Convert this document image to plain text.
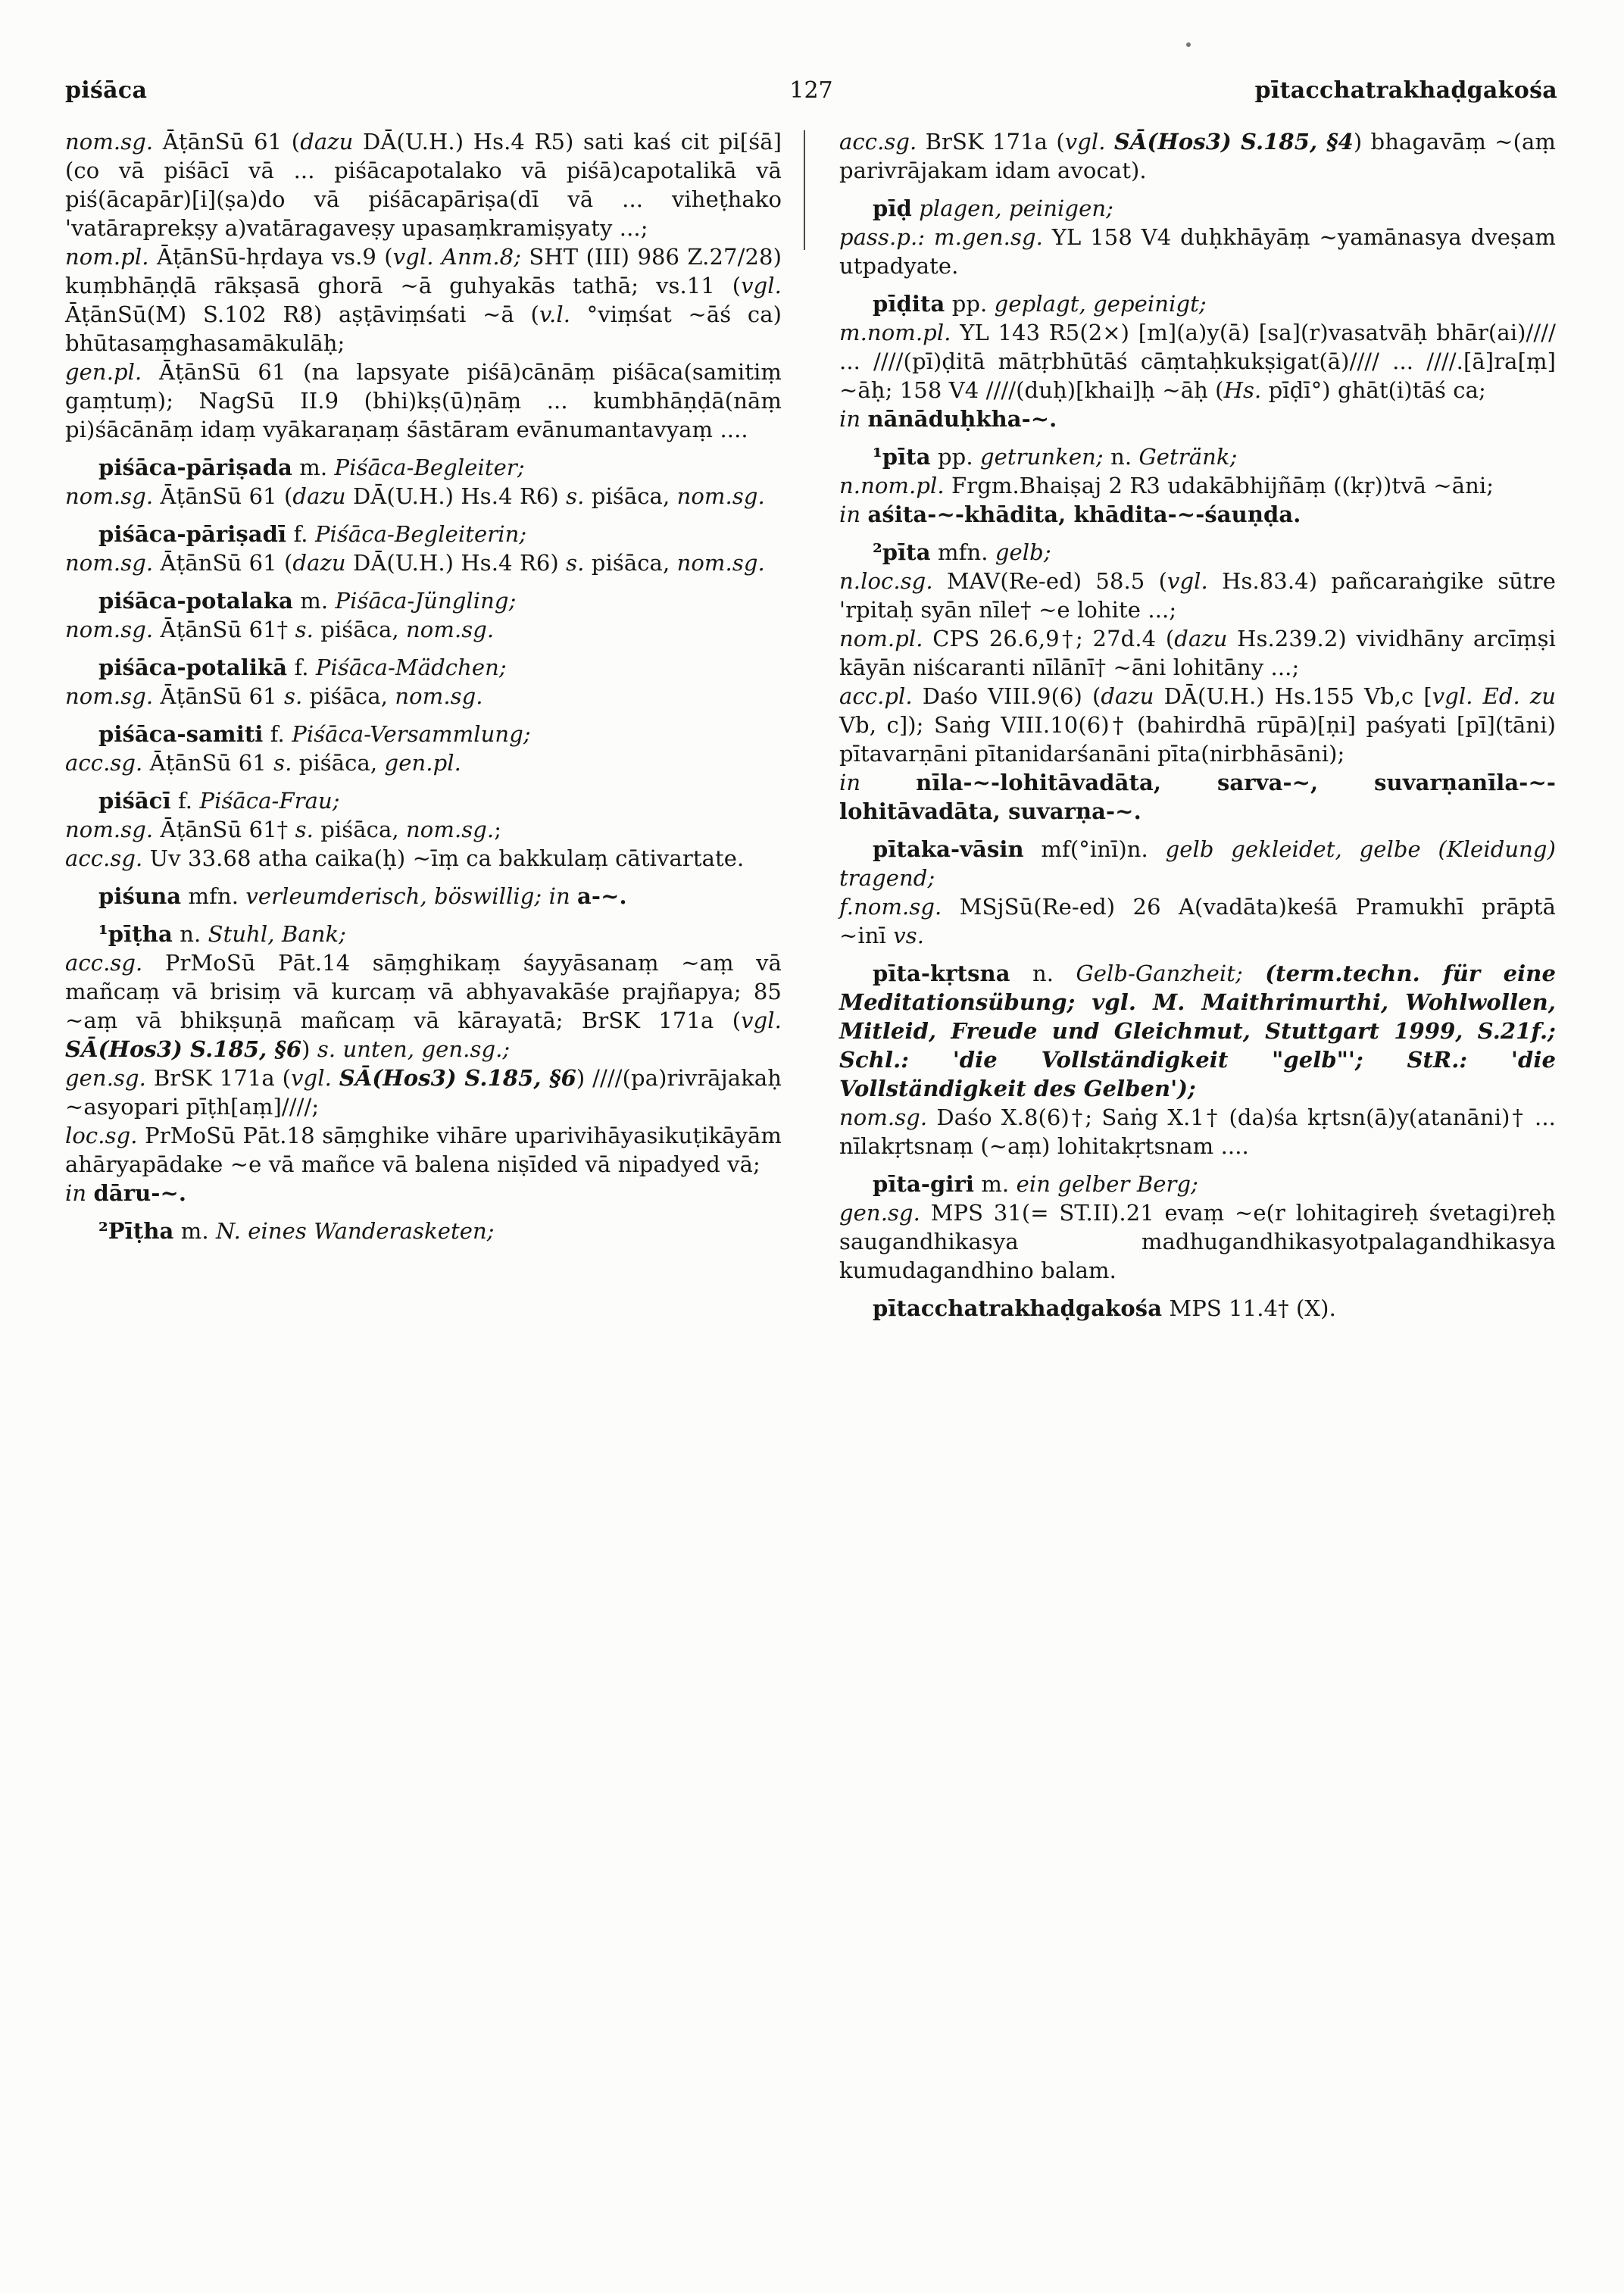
piśāca	127	pītacchatrakhaḍgakośa

nom.sg. ĀṭānSū 61 (dazu DĀ(U.H.) Hs.4 R5) sati kaś cit pi[śā](co vā piśācī vā ... piśācapotalako vā piśā)capotalikā vā piś(ācapār)[i](ṣa)do vā piśācapāriṣa(dī vā ... viheṭhako 'vatāraprekṣy a)vatāragaveṣy upasaṃkramiṣyaty ...;

nom.pl. ĀṭānSū-hṛdaya vs.9 (vgl. Anm.8; SHT (III) 986 Z.27/28) kuṃbhāṇḍā rākṣasā ghorā ~ā guhyakās tathā; vs.11 (vgl. ĀṭānSū(M) S.102 R8) aṣṭāviṃśati ~ā (v.l. °viṃśat ~āś ca) bhūtasaṃghasamākulāḥ;

gen.pl. ĀṭānSū 61 (na lapsyate piśā)cānāṃ piśāca(samitiṃ gaṃtuṃ); NagSū II.9 (bhi)kṣ(ū)ṇāṃ ... kumbhāṇḍā(nāṃ pi)śācānāṃ idaṃ vyākaraṇaṃ śāstāram evānumantavyaṃ ....

piśāca-pāriṣada m. Piśāca-Begleiter;

nom.sg. ĀṭānSū 61 (dazu DĀ(U.H.) Hs.4 R6) s. piśāca, nom.sg.

piśāca-pāriṣadī f. Piśāca-Begleiterin;

nom.sg. ĀṭānSū 61 (dazu DĀ(U.H.) Hs.4 R6) s. piśāca, nom.sg.

piśāca-potalaka m. Piśāca-Jüngling;

nom.sg. ĀṭānSū 61† s. piśāca, nom.sg.

piśāca-potalikā f. Piśāca-Mädchen;

nom.sg. ĀṭānSū 61 s. piśāca, nom.sg.

piśāca-samiti f. Piśāca-Versammlung;

acc.sg. ĀṭānSū 61 s. piśāca, gen.pl.

piśācī f. Piśāca-Frau;

nom.sg. ĀṭānSū 61† s. piśāca, nom.sg.;

acc.sg. Uv 33.68 atha caika(ḥ) ~īṃ ca bakkulaṃ cātivartate.

piśuna mfn. verleumderisch, böswillig; in a-~.

¹pīṭha n. Stuhl, Bank;

acc.sg. PrMoSū Pāt.14 sāṃghikaṃ śayyāsanaṃ ~aṃ vā mañcaṃ vā brisiṃ vā kurcaṃ vā abhyavakāśe prajñapya; 85 ~aṃ vā bhikṣuṇā mañcaṃ vā kārayatā; BrSK 171a (vgl. SĀ(Hos3) S.185, §6) s. unten, gen.sg.;

gen.sg. BrSK 171a (vgl. SĀ(Hos3) S.185, §6) ////(pa)rivrājakaḥ ~asyopari pīṭh[aṃ]////;

loc.sg. PrMoSū Pāt.18 sāṃghike vihāre uparivihāyasikuṭikāyām ahāryapādake ~e vā mañce vā balena niṣīded vā nipadyed vā;

in dāru-~.

²Pīṭha m. N. eines Wanderasketen;

acc.sg. BrSK 171a (vgl. SĀ(Hos3) S.185, §4) bhagavāṃ ~(aṃ parivrājakam idam avocat).

pīḍ plagen, peinigen;

pass.p.: m.gen.sg. YL 158 V4 duḥkhāyāṃ ~yamānasya dveṣam utpadyate.

pīḍita pp. geplagt, gepeinigt;

m.nom.pl. YL 143 R5(2×) [m](a)y(ā) [sa](r)vasatvāḥ bhār(ai)//// ... ////(pī)ḍitā mātṛbhūtāś cāṃtaḥkukṣigat(ā)//// ... ////.[ā]ra[ṃ] ~āḥ; 158 V4 ////(duḥ)[khai]ḥ ~āḥ (Hs. pīḍī°) ghāt(i)tāś ca;

in nānāduḥkha-~.

¹pīta pp. getrunken; n. Getränk;

n.nom.pl. Frgm.Bhaiṣaj 2 R3 udakābhijñāṃ ((kṛ))tvā ~āni;

in aśita-~-khādita, khādita-~-śauṇḍa.

²pīta mfn. gelb;

n.loc.sg. MAV(Re-ed) 58.5 (vgl. Hs.83.4) pañcaraṅgike sūtre 'rpitaḥ syān nīle† ~e lohite ...;

nom.pl. CPS 26.6,9†; 27d.4 (dazu Hs.239.2) vividhāny arcīṃṣi kāyān niścaranti nīlānī† ~āni lohitāny ...;

acc.pl. Daśo VIII.9(6) (dazu DĀ(U.H.) Hs.155 Vb,c [vgl. Ed. zu Vb, c]); Saṅg VIII.10(6)† (bahirdhā rūpā)[ṇi] paśyati [pī](tāni) pītavarṇāni pītanidarśanāni pīta(nirbhāsāni);

in nīla-~-lohitāvadāta, sarva-~, suvarṇanīla-~-lohitāvadāta, suvarṇa-~.

pītaka-vāsin mf(°inī)n. gelb gekleidet, gelbe (Kleidung) tragend;

f.nom.sg. MSjSū(Re-ed) 26 A(vadāta)keśā Pramukhī prāptā ~inī vs.

pīta-kṛtsna n. Gelb-Ganzheit; (term.techn. für eine Meditationsübung; vgl. M. Maithrimurthi, Wohlwollen, Mitleid, Freude und Gleichmut, Stuttgart 1999, S.21f.; Schl.: 'die Vollständigkeit "gelb"'; StR.: 'die Vollständigkeit des Gelben');

nom.sg. Daśo X.8(6)†; Saṅg X.1† (da)śa kṛtsn(ā)y(atanāni)† ... nīlakṛtsnaṃ (~aṃ) lohitakṛtsnam ....

pīta-giri m. ein gelber Berg;

gen.sg. MPS 31(= ST.II).21 evaṃ ~e(r lohitagireḥ śvetagi)reḥ saugandhikasya madhugandhikasyotpalagandhikasya kumudagandhino balam.

pītacchatrakhaḍgakośa MPS 11.4† (X).
